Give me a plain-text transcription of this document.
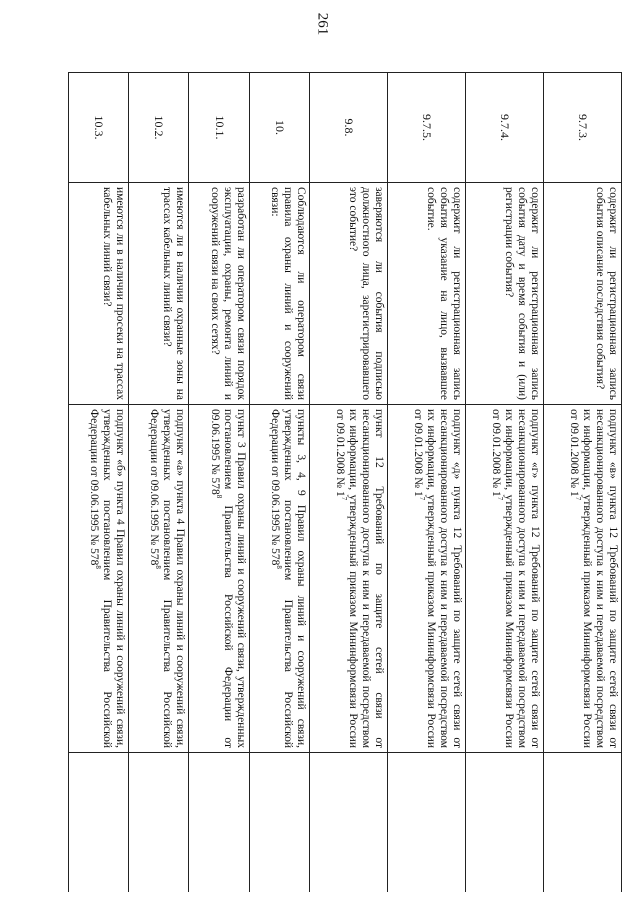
261
9.7.3.	содержит ли регистрационная запись события описание последствия события?	подпункт «в» пункта 12 Требований по защите сетей связи от несанкционированного доступа к ним и передаваемой посредством их информации, утвержденный приказом Мининформсвязи России от 09.01.2008 № $1^7$	
9.7.4.	содержит ли регистрационная запись события дату и время события и (или) регистрации события?	подпункт «г» пункта 12 Требований по защите сетей связи от несанкционированного доступа к ним и передаваемой посредством их информации, утвержденный приказом Мининформсвязи России от 09.01.2008 № $1^7$	
9.7.5.	содержит ли регистрационная запись события указание на лицо, вызвавшее событие.	подпункт «д» пункта 12 Требований по защите сетей связи от несанкционированного доступа к ним и передаваемой посредством их информации, утвержденный приказом Мининформсвязи России от 09.01.2008 № $1^7$	
9.8.	заверяются ли события подписью должностного лица, зарегистрировавшего это событие?	пункт 12 Требований по защите сетей связи от несанкционированного доступа к ним и передаваемой посредством их информации, утвержденный приказом Мининформсвязи России от 09.01.2008 № $1^7$	
10.	Соблюдаются ли оператором связи правила охраны линий и сооружений связи:	пункты 3, 4, 9 Правил охраны линий и сооружений связи, утвержденных постановлением Правительства Российской Федерации от 09.06.1995 № $578^8$	
10.1.	разработан ли оператором связи порядок эксплуатации, охраны, ремонта линий и сооружений связи на своих сетях?	пункт 3 Правил охраны линий и сооружений связи, утвержденных постановлением Правительства Российской Федерации от 09.06.1995 № $578^8$	
10.2.	имеются ли в наличии охранные зоны на трассах кабельных линий связи?	подпункт «а» пункта 4 Правил охраны линий и сооружений связи, утвержденных постановлением Правительства Российской Федерации от 09.06.1995 № $578^8$	
10.3.	имеются ли в наличии просеки на трассах кабельных линий связи?	подпункт «б» пункта 4 Правил охраны линий и сооружений связи, утвержденных постановлением Правительства Российской Федерации от 09.06.1995 № $578^8$	
